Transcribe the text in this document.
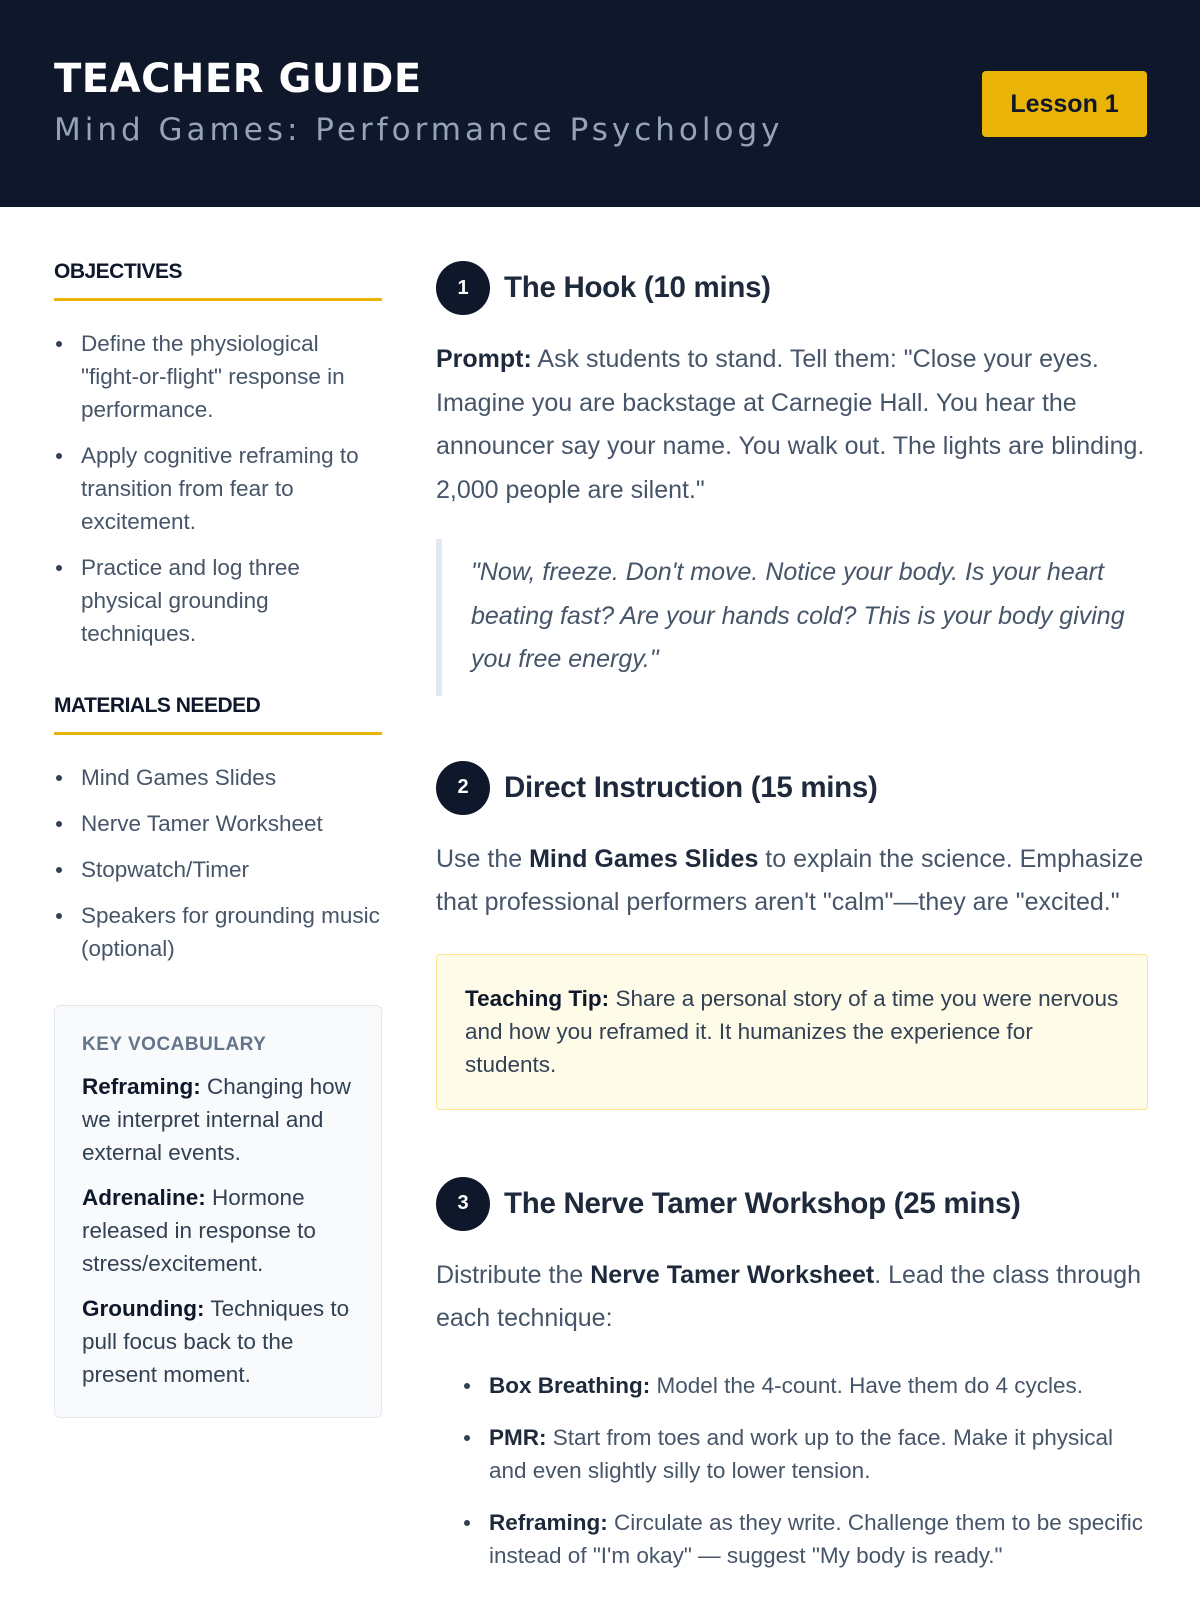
TEACHER GUIDE
Mind Games: Performance Psychology
Lesson 1
OBJECTIVES
Define the physiological "fight-or-flight" response in performance.
Apply cognitive reframing to transition from fear to excitement.
Practice and log three physical grounding techniques.
MATERIALS NEEDED
Mind Games Slides
Nerve Tamer Worksheet
Stopwatch/Timer
Speakers for grounding music (optional)
KEY VOCABULARY
Reframing: Changing how we interpret internal and external events.
Adrenaline: Hormone released in response to stress/excitement.
Grounding: Techniques to pull focus back to the present moment.
1	The Hook (10 mins)

Prompt: Ask students to stand. Tell them: "Close your eyes. Imagine you are backstage at Carnegie Hall. You hear the announcer say your name. You walk out. The lights are blinding. 2,000 people are silent."

"Now, freeze. Don't move. Notice your body. Is your heart beating fast? Are your hands cold? This is your body giving you free energy."
2	Direct Instruction (15 mins)

Use the Mind Games Slides to explain the science. Emphasize that professional performers aren't "calm"—they are "excited."

Teaching Tip: Share a personal story of a time you were nervous and how you reframed it. It humanizes the experience for students.
3	The Nerve Tamer Workshop (25 mins)

Distribute the Nerve Tamer Worksheet. Lead the class through each technique:

Box Breathing: Model the 4-count. Have them do 4 cycles.
PMR: Start from toes and work up to the face. Make it physical and even slightly silly to lower tension.
Reframing: Circulate as they write. Challenge them to be specific instead of "I'm okay" — suggest "My body is ready."
